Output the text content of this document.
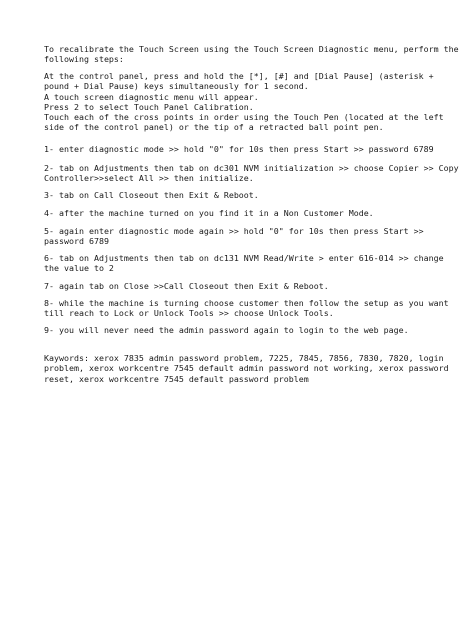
To recalibrate the Touch Screen using the Touch Screen Diagnostic menu, perform the
following steps:

At the control panel, press and hold the [*], [#] and [Dial Pause] (asterisk +
pound + Dial Pause) keys simultaneously for 1 second.
A touch screen diagnostic menu will appear.
Press 2 to select Touch Panel Calibration.
Touch each of the cross points in order using the Touch Pen (located at the left
side of the control panel) or the tip of a retracted ball point pen.

1- enter diagnostic mode >> hold "0" for 10s then press Start >> password 6789

2- tab on Adjustments then tab on dc301 NVM initialization >> choose Copier >> Copy
Controller>>select All >> then initialize.

3- tab on Call Closeout then Exit & Reboot.

4- after the machine turned on you find it in a Non Customer Mode.

5- again enter diagnostic mode again >> hold "0" for 10s then press Start >>
password 6789

6- tab on Adjustments then tab on dc131 NVM Read/Write > enter 616-014 >> change
the value to 2

7- again tab on Close >>Call Closeout then Exit & Reboot.

8- while the machine is turning choose customer then follow the setup as you want
till reach to Lock or Unlock Tools >> choose Unlock Tools.

9- you will never need the admin password again to login to the web page.

Kaywords: xerox 7835 admin password problem, 7225, 7845, 7856, 7830, 7820, login
problem, xerox workcentre 7545 default admin password not working, xerox password
reset, xerox workcentre 7545 default password problem
